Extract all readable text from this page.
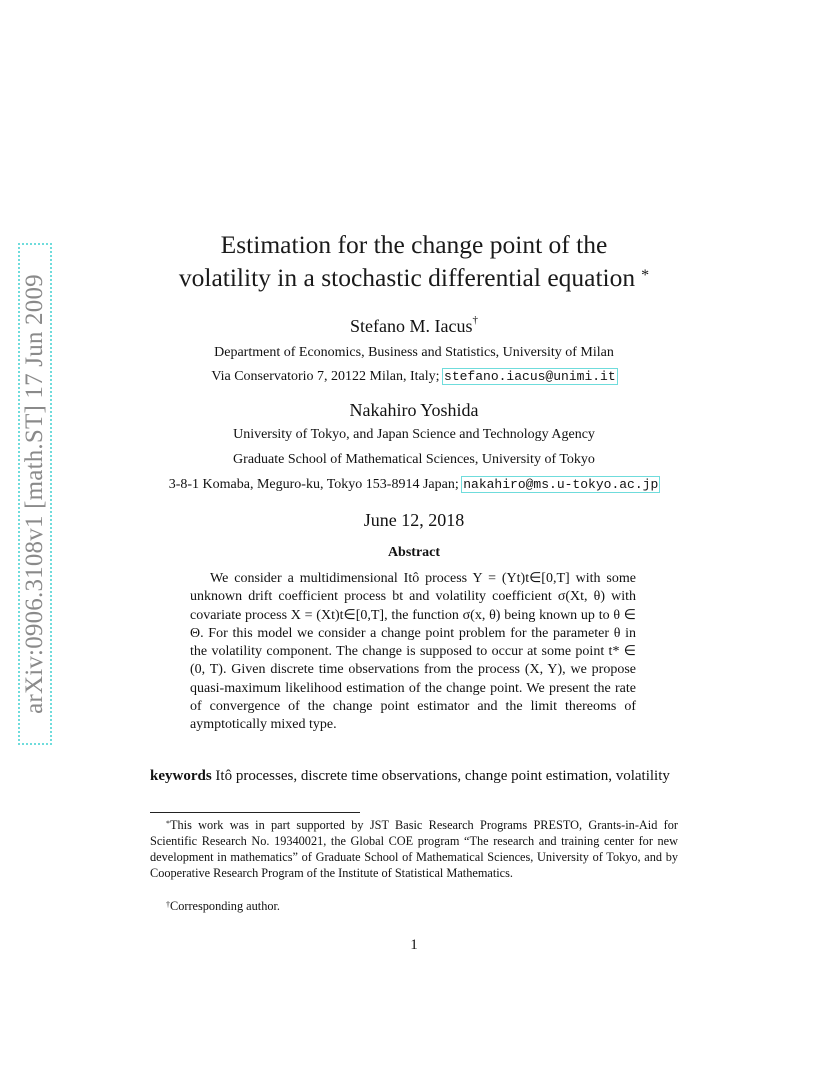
arXiv:0906.3108v1 [math.ST] 17 Jun 2009
Estimation for the change point of the
volatility in a stochastic differential equation *
Stefano M. Iacus†
Department of Economics, Business and Statistics, University of Milan
Via Conservatorio 7, 20122 Milan, Italy; stefano.iacus@unimi.it
Nakahiro Yoshida
University of Tokyo, and Japan Science and Technology Agency
Graduate School of Mathematical Sciences, University of Tokyo
3-8-1 Komaba, Meguro-ku, Tokyo 153-8914 Japan; nakahiro@ms.u-tokyo.ac.jp
June 12, 2018
Abstract
We consider a multidimensional Itô process Y = (Yt)t∈[0,T] with some unknown drift coefficient process bt and volatility coefficient σ(Xt, θ) with covariate process X = (Xt)t∈[0,T], the function σ(x, θ) being known up to θ ∈ Θ. For this model we consider a change point problem for the parameter θ in the volatility component. The change is supposed to occur at some point t* ∈ (0, T). Given discrete time observations from the process (X, Y), we propose quasi-maximum likelihood estimation of the change point. We present the rate of convergence of the change point estimator and the limit thereoms of aymptotically mixed type.
keywords Itô processes, discrete time observations, change point estimation, volatility
*This work was in part supported by JST Basic Research Programs PRESTO, Grants-in-Aid for Scientific Research No. 19340021, the Global COE program “The research and training center for new development in mathematics” of Graduate School of Mathematical Sciences, University of Tokyo, and by Cooperative Research Program of the Institute of Statistical Mathematics.
†Corresponding author.
1
